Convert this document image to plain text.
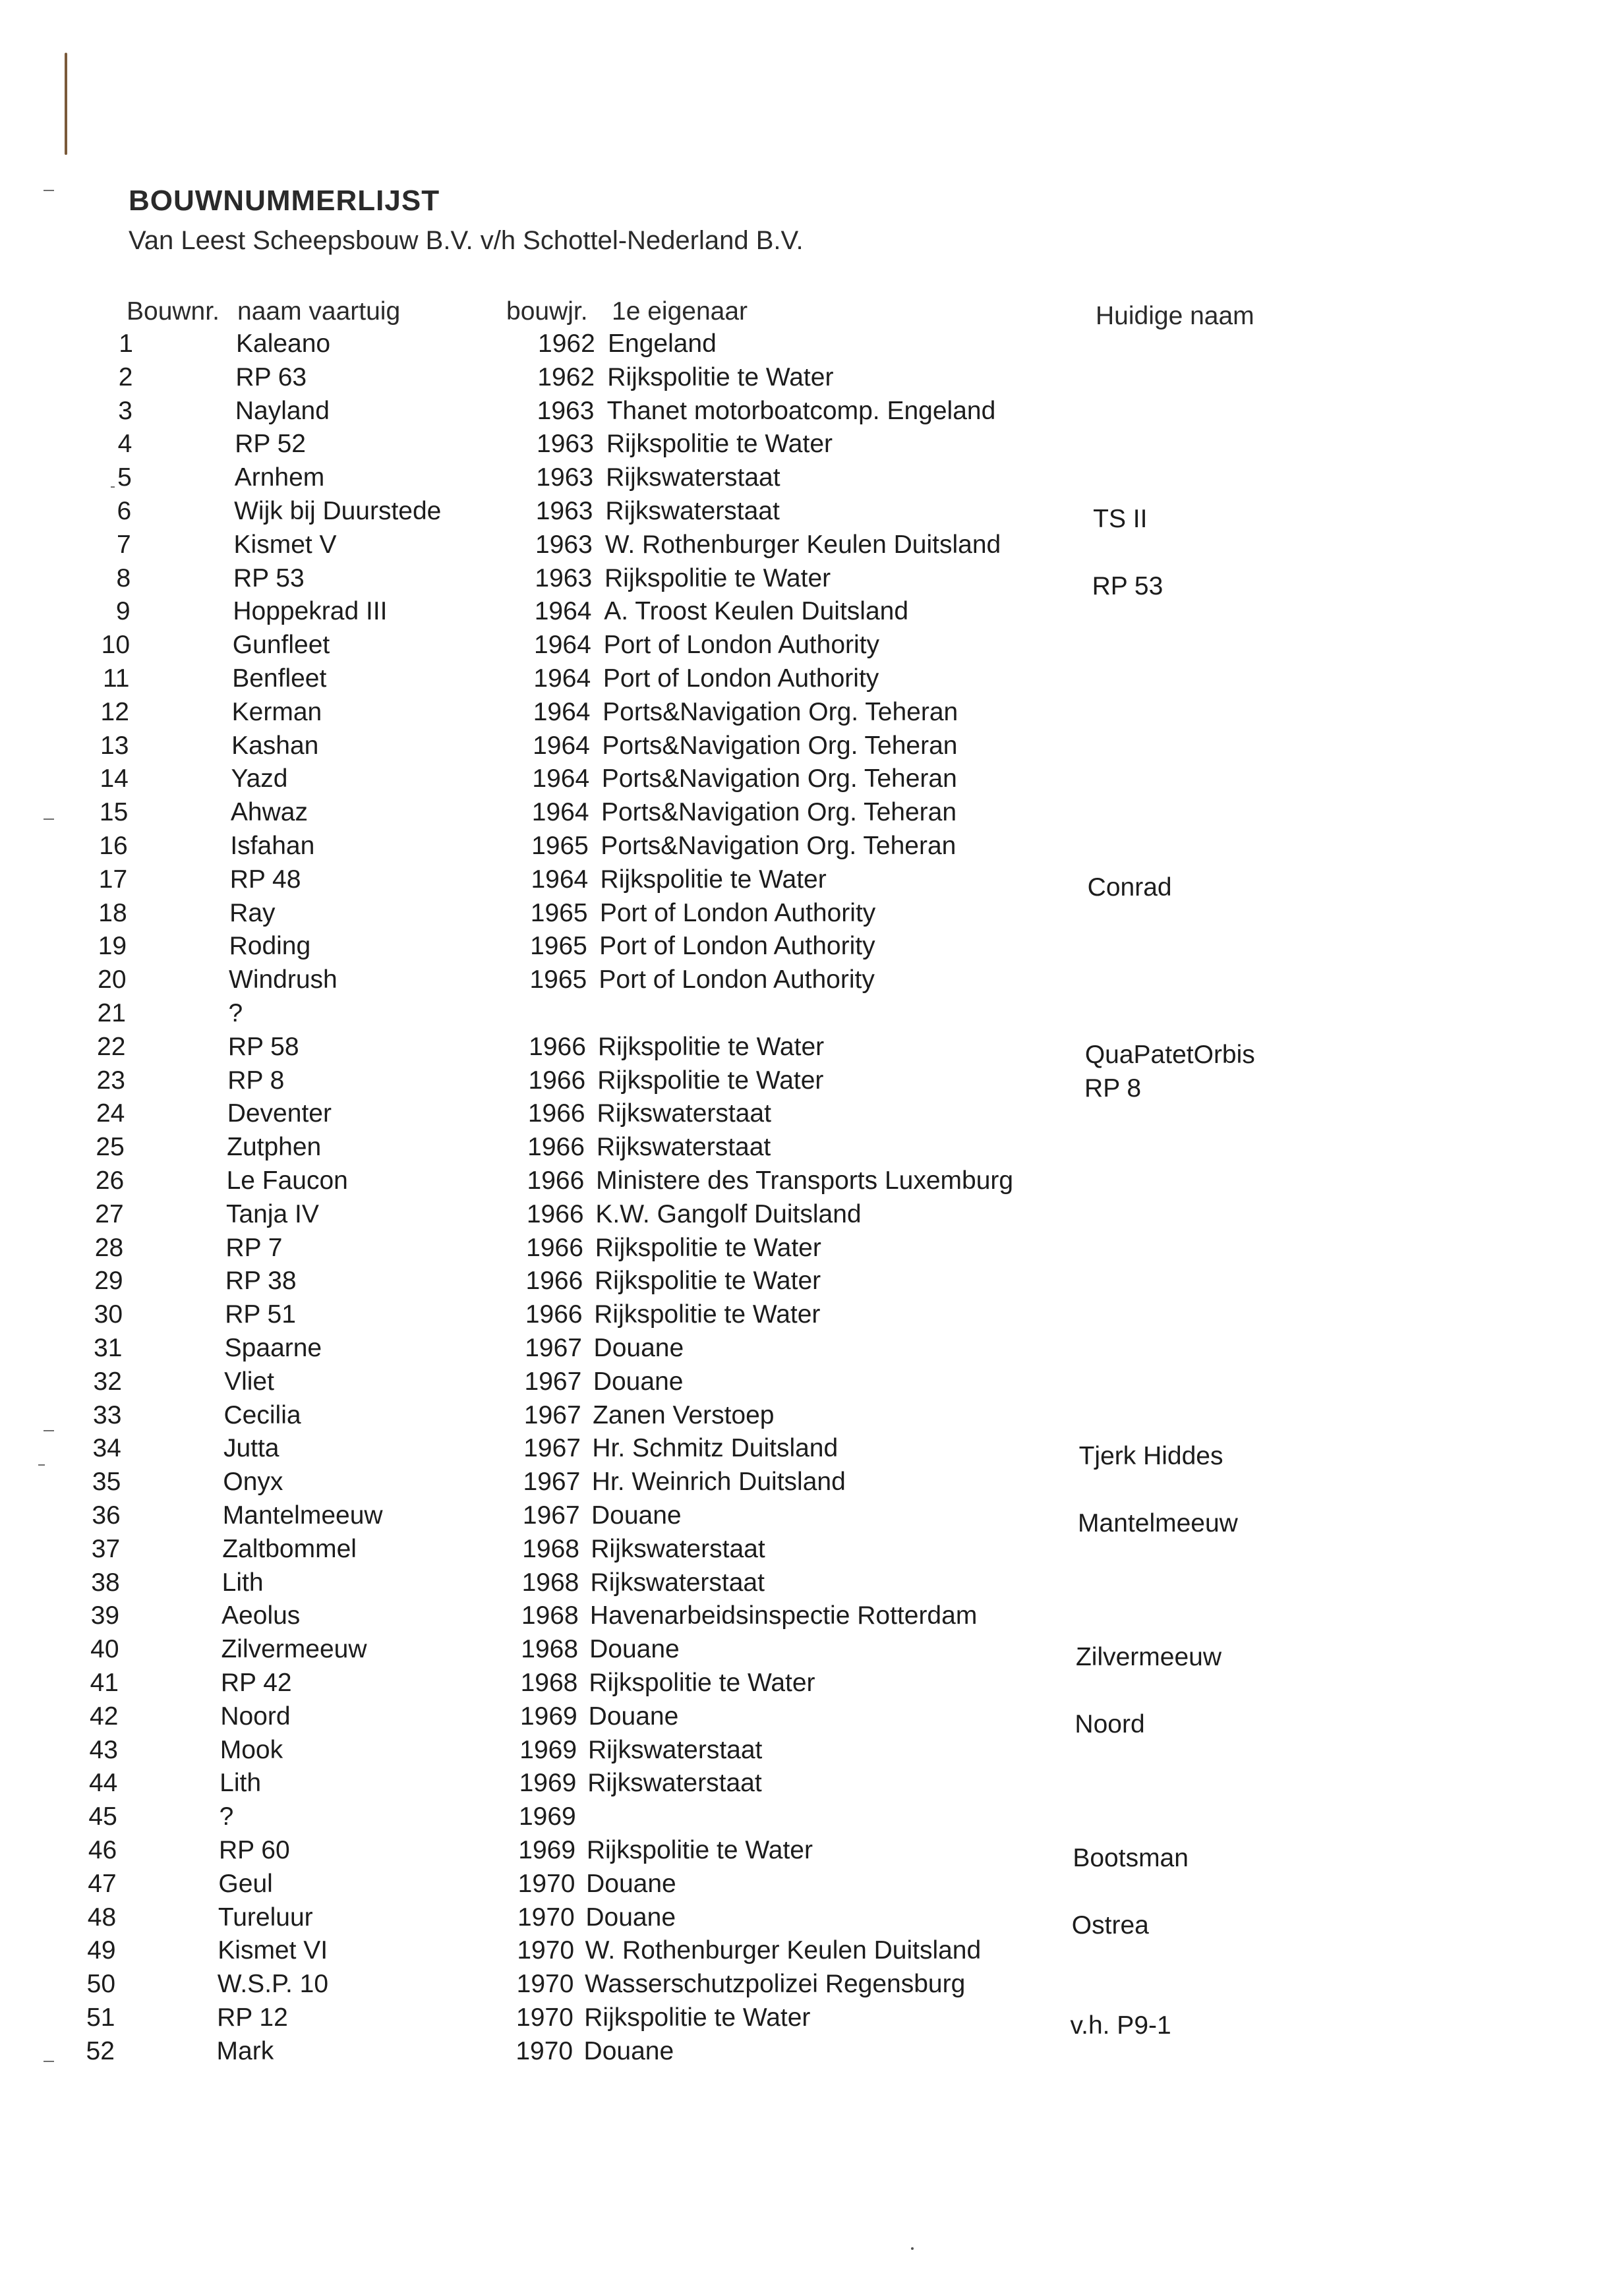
BOUWNUMMERLIJST
Van Leest Scheepsbouw B.V. v/h Schottel-Nederland B.V.
Bouwnr. naam vaartuig	bouwjr. 1e eigenaar	Huidige naam
1	Kaleano	1962 Engeland
2	RP 63	1962 Rijkspolitie te Water
3	Nayland	1963 Thanet motorboatcomp. Engeland
4	RP 52	1963 Rijkspolitie te Water
5	Arnhem	1963 Rijkswaterstaat
6	Wijk bij Duurstede	1963 Rijkswaterstaat	TS II
7	Kismet V	1963 W. Rothenburger Keulen Duitsland
8	RP 53	1963 Rijkspolitie te Water	RP 53
9	Hoppekrad III	1964 A. Troost Keulen Duitsland
10	Gunfleet	1964 Port of London Authority
11	Benfleet	1964 Port of London Authority
12	Kerman	1964 Ports&Navigation Org. Teheran
13	Kashan	1964 Ports&Navigation Org. Teheran
14	Yazd	1964 Ports&Navigation Org. Teheran
15	Ahwaz	1964 Ports&Navigation Org. Teheran
16	Isfahan	1965 Ports&Navigation Org. Teheran
17	RP 48	1964 Rijkspolitie te Water	Conrad
18	Ray	1965 Port of London Authority
19	Roding	1965 Port of London Authority
20	Windrush	1965 Port of London Authority
21	?
22	RP 58	1966 Rijkspolitie te Water	QuaPatetOrbis
23	RP 8	1966 Rijkspolitie te Water	RP 8
24	Deventer	1966 Rijkswaterstaat
25	Zutphen	1966 Rijkswaterstaat
26	Le Faucon	1966 Ministere des Transports Luxemburg
27	Tanja IV	1966 K.W. Gangolf Duitsland
28	RP 7	1966 Rijkspolitie te Water
29	RP 38	1966 Rijkspolitie te Water
30	RP 51	1966 Rijkspolitie te Water
31	Spaarne	1967 Douane
32	Vliet	1967 Douane
33	Cecilia	1967 Zanen Verstoep
34	Jutta	1967 Hr. Schmitz Duitsland	Tjerk Hiddes
35	Onyx	1967 Hr. Weinrich Duitsland
36	Mantelmeeuw	1967 Douane	Mantelmeeuw
37	Zaltbommel	1968 Rijkswaterstaat
38	Lith	1968 Rijkswaterstaat
39	Aeolus	1968 Havenarbeidsinspectie Rotterdam
40	Zilvermeeuw	1968 Douane	Zilvermeeuw
41	RP 42	1968 Rijkspolitie te Water
42	Noord	1969 Douane	Noord
43	Mook	1969 Rijkswaterstaat
44	Lith	1969 Rijkswaterstaat
45	?	1969
46	RP 60	1969 Rijkspolitie te Water	Bootsman
47	Geul	1970 Douane
48	Tureluur	1970 Douane	Ostrea
49	Kismet VI	1970 W. Rothenburger Keulen Duitsland
50	W.S.P. 10	1970 Wasserschutzpolizei Regensburg
51	RP 12	1970 Rijkspolitie te Water	v.h. P9-1
52	Mark	1970 Douane
